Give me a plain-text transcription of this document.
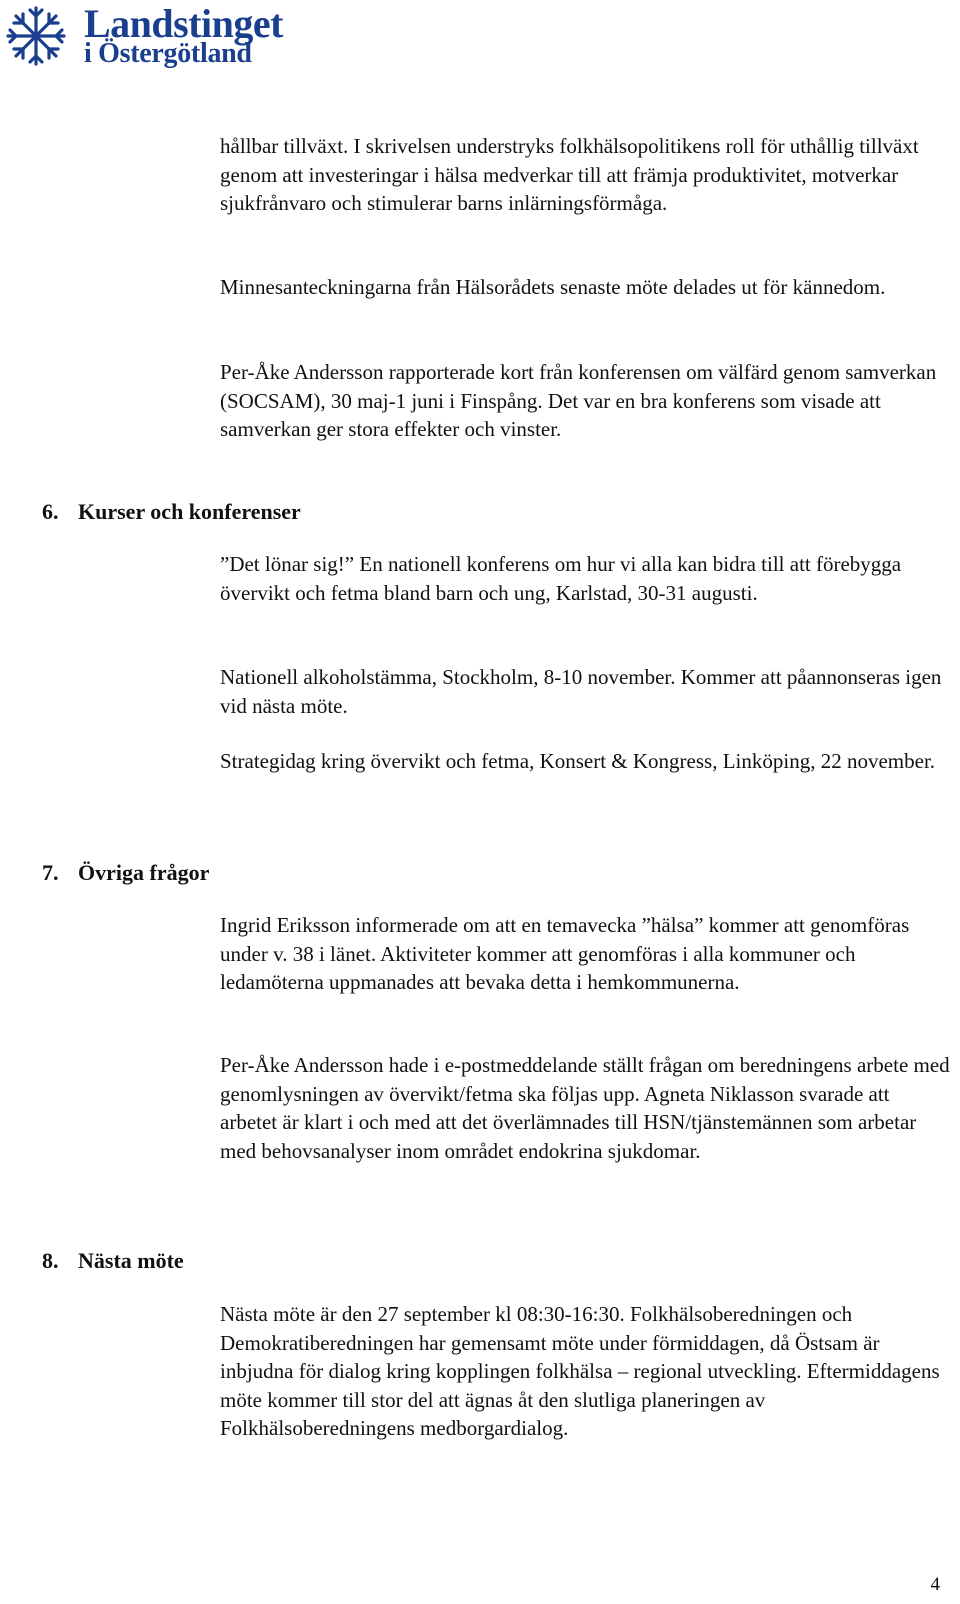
Landstinget
i Östergötland

hållbar tillväxt. I skrivelsen understryks folkhälsopolitikens roll för uthållig tillväxt genom att investeringar i hälsa medverkar till att främja produktivitet, motverkar sjukfrånvaro och stimulerar barns inlärningsförmåga.

Minnesanteckningarna från Hälsorådets senaste möte delades ut för kännedom.

Per-Åke Andersson rapporterade kort från konferensen om välfärd genom samverkan (SOCSAM), 30 maj-1 juni i Finspång. Det var en bra konferens som visade att samverkan ger stora effekter och vinster.

6. Kurser och konferenser

”Det lönar sig!” En nationell konferens om hur vi alla kan bidra till att förebygga övervikt och fetma bland barn och ung, Karlstad, 30-31 augusti.

Nationell alkoholstämma, Stockholm, 8-10 november. Kommer att påannonseras igen vid nästa möte.

Strategidag kring övervikt och fetma, Konsert & Kongress, Linköping, 22 november.

7. Övriga frågor

Ingrid Eriksson informerade om att en temavecka ”hälsa” kommer att genomföras under v. 38 i länet. Aktiviteter kommer att genomföras i alla kommuner och ledamöterna uppmanades att bevaka detta i hemkommunerna.

Per-Åke Andersson hade i e-postmeddelande ställt frågan om beredningens arbete med genomlysningen av övervikt/fetma ska följas upp. Agneta Niklasson svarade att arbetet är klart i och med att det överlämnades till HSN/tjänstemännen som arbetar med behovsanalyser inom området endokrina sjukdomar.

8. Nästa möte

Nästa möte är den 27 september kl 08:30-16:30. Folkhälsoberedningen och Demokratiberedningen har gemensamt möte under förmiddagen, då Östsam är inbjudna för dialog kring kopplingen folkhälsa – regional utveckling. Eftermiddagens möte kommer till stor del att ägnas åt den slutliga planeringen av Folkhälsoberedningens medborgardialog.

4
